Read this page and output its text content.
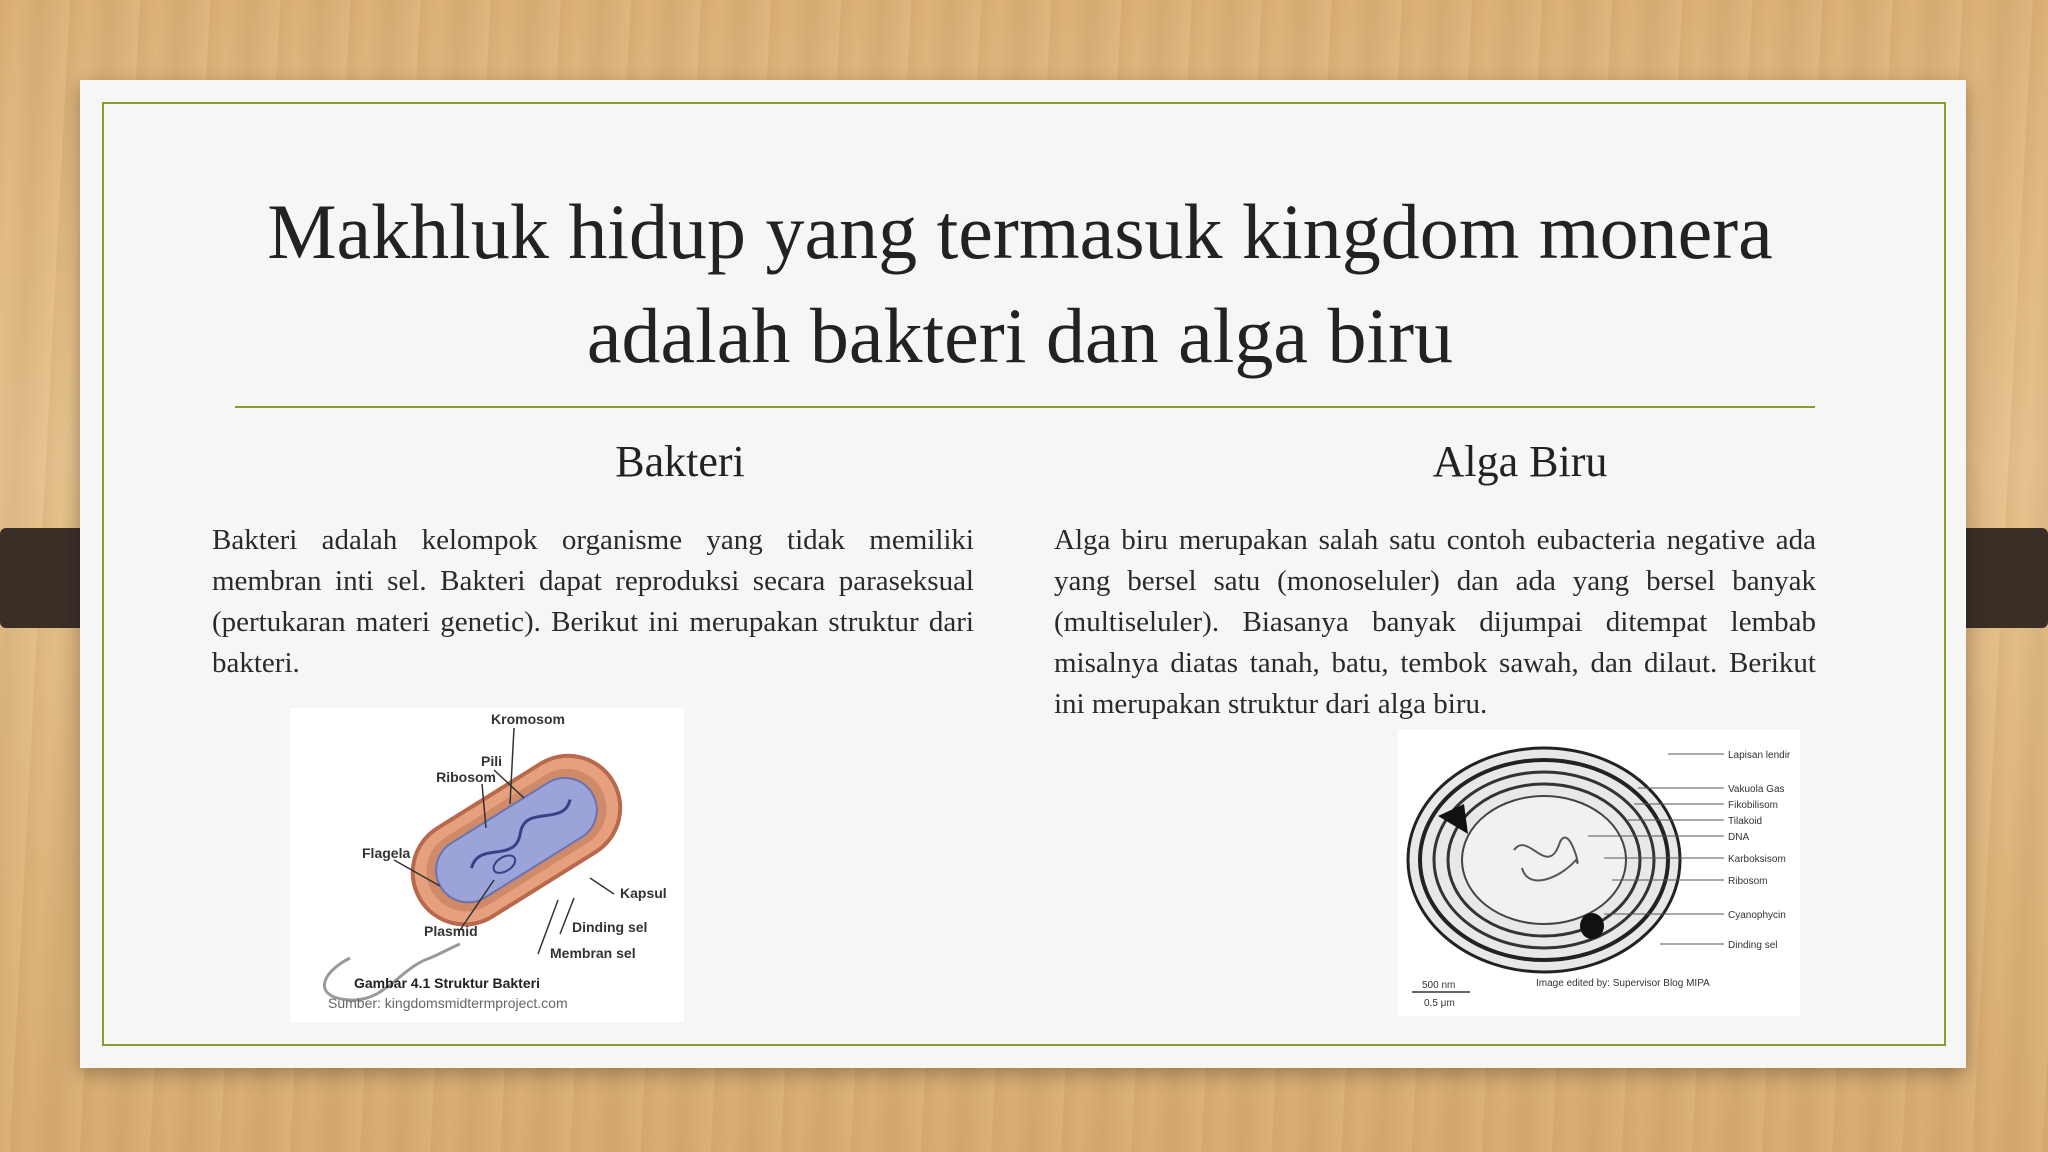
Makhluk hidup yang termasuk kingdom monera adalah bakteri dan alga biru
Bakteri
Bakteri adalah kelompok organisme yang tidak memiliki membran inti sel. Bakteri dapat reproduksi secara paraseksual (pertukaran materi genetic). Berikut ini merupakan struktur dari bakteri.
Alga Biru
Alga biru merupakan salah satu contoh eubacteria negative ada yang bersel satu (monoseluler) dan ada yang bersel banyak (multiseluler). Biasanya banyak dijumpai ditempat lembab misalnya diatas tanah, batu, tembok sawah, dan dilaut. Berikut ini merupakan struktur dari alga biru.
Kromosom
Pili
Ribosom
Flagela
Kapsul
Plasmid	Dinding sel
Membran sel
Gambar 4.1 Struktur Bakteri
Sumber: kingdomsmidtermproject.com
Lapisan lendir
Vakuola Gas
Fikobilisom
Tilakoid
DNA
Karboksisom
Ribosom
Cyanophycin
Dinding sel
500 nm
0.5 μm
Image edited by: Supervisor Blog MIPA
